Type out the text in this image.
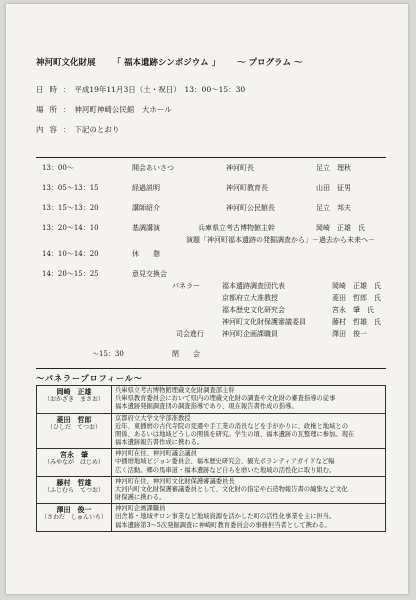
神河町文化財展 「 福本遺跡シンポジウム 」 ～ プログラム ～
日時： 平成19年11月3日（土・祝日）　13：00～15：30
場所： 神河町神崎公民館　大ホール
内容： 下記のとおり
13：00～	開会あいさつ	神河町長	足立　理秋
13：05～13：15	経過説明	神河町教育長	山田　征男
13：15～13：20	講師紹介	神河町公民館長	足立　邦夫
13：20～14：10	基調講演	兵庫県立考古博物館主幹	岡崎　正雄　氏
演題「神河町福本遺跡の発掘調査から」－過去から未来へ－
14：10～14：20	休　　憩
14：20～15：25	意見交換会
パネラー	福本遺跡調査団代表	岡崎　正雄　氏
京都府立大准教授	菱田　哲郎　氏
福本歴史文化研究会	宮永　肇　氏
神河町文化財保護審議委員	藤村　哲雄　氏
司会進行	神河町企画課職員	澤田　俊一
～15：30	閉　　会
～パネラープロフィール～
岡崎　正雄
（おかざき　まさお）	兵庫県立考古博物館埋蔵文化財調査部主幹
兵庫県教育委員会において県内の埋蔵文化財の調査や文化財の審査指導の従事
福本遺跡発掘調査団の調査指導であり、現在報告書作成の指導。

菱田　哲郎
（ひしだ　てつお）	京都府立大学文学部准教授
近年、東播磨の古代寺院の変遷や手工業の消長などを手がかりに、政権と地域との
関係、あるいは地域どうしの関係を研究。学生の頃、福本遺跡の瓦整理に参加。現在
福本遺跡報告書作成に携わる。

宮永　肇
（みやなが　はじめ）	神河町在住、神河町議会議員
中播磨地域ビジョン委員会、福本歴史研究会、観光ボランティアガイドなど幅
広く活動。郷の馬車道・福本遺跡など自らを磨いた地域の活性化に取り組む。

藤村　哲雄
（ふじむら　てつお）	神河町在住、神河町文化財保護審議委員長
大河内町文化財保護審議委員として、文化財の指定や石造物報告書の編集など文化
財保護に携わる。

澤田　俊一
（さわだ　しゅんいち）	神河町企画課職員
田舎暮・地域サロン事業など地域資源を活かした町の活性化事業を主に担当。
福本遺跡第3～5次発掘調査に神崎町教育委員会の事務担当者として携わる。
